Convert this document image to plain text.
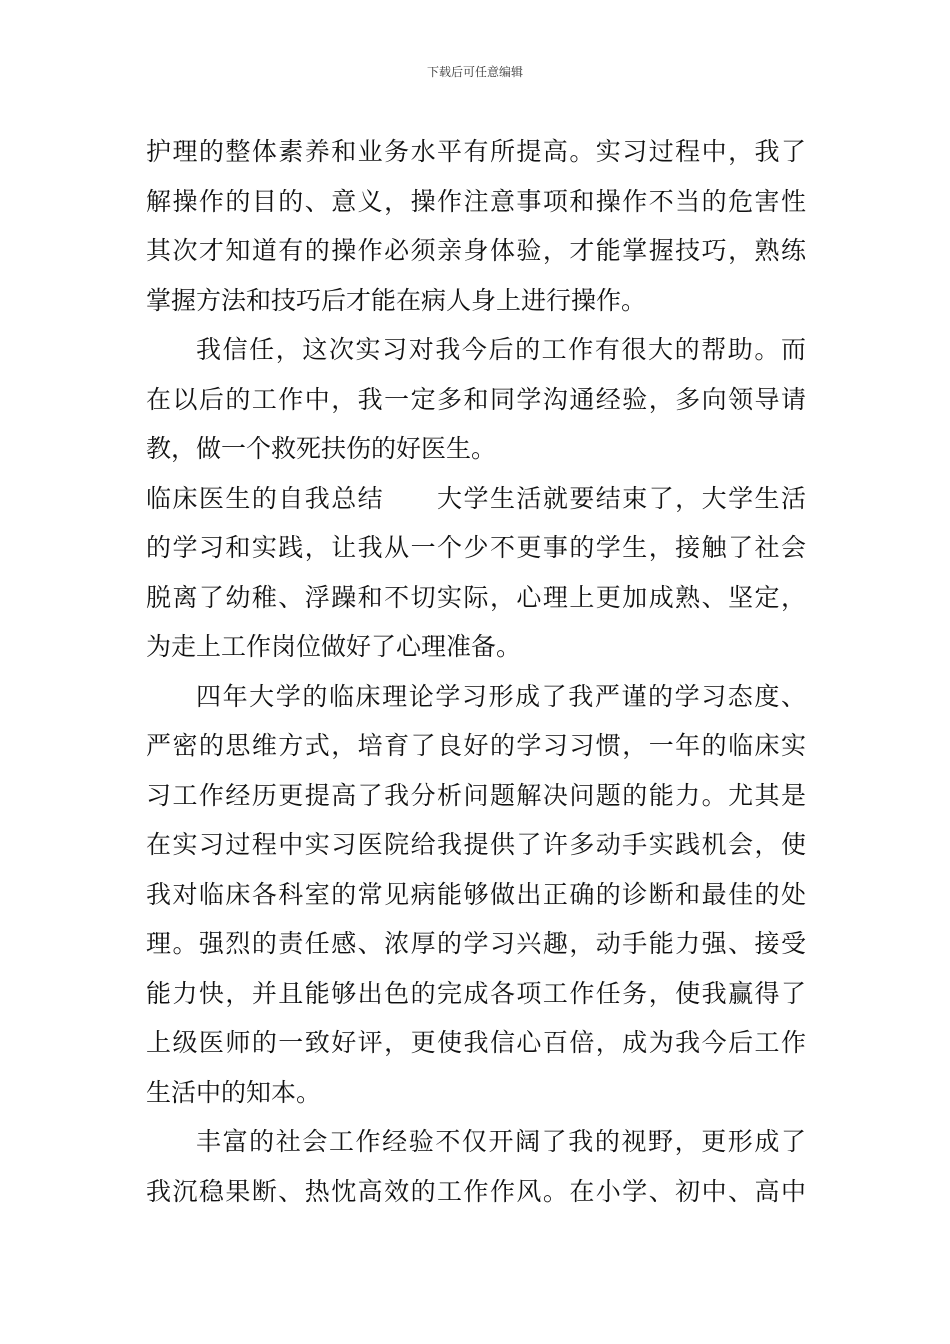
下载后可任意编辑
护理的整体素养和业务水平有所提高。实习过程中，我了
解操作的目的、意义，操作注意事项和操作不当的危害性
其次才知道有的操作必须亲身体验，才能掌握技巧，熟练
掌握方法和技巧后才能在病人身上进行操作。
我信任，这次实习对我今后的工作有很大的帮助。而
在以后的工作中，我一定多和同学沟通经验，多向领导请
教，做一个救死扶伤的好医生。
临床医生的自我总结　　大学生活就要结束了，大学生活
的学习和实践，让我从一个少不更事的学生，接触了社会
脱离了幼稚、浮躁和不切实际，心理上更加成熟、坚定，
为走上工作岗位做好了心理准备。
四年大学的临床理论学习形成了我严谨的学习态度、
严密的思维方式，培育了良好的学习习惯，一年的临床实
习工作经历更提高了我分析问题解决问题的能力。尤其是
在实习过程中实习医院给我提供了许多动手实践机会，使
我对临床各科室的常见病能够做出正确的诊断和最佳的处
理。强烈的责任感、浓厚的学习兴趣，动手能力强、接受
能力快，并且能够出色的完成各项工作任务，使我赢得了
上级医师的一致好评，更使我信心百倍，成为我今后工作
生活中的知本。
丰富的社会工作经验不仅开阔了我的视野，更形成了
我沉稳果断、热忱高效的工作作风。在小学、初中、高中
